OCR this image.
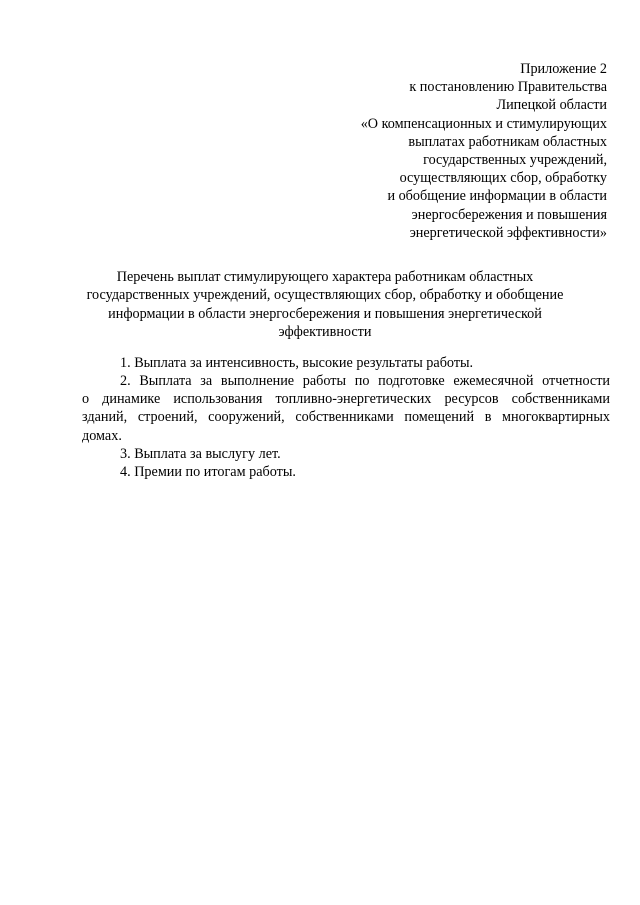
Приложение 2
к постановлению Правительства
Липецкой области
«О компенсационных и стимулирующих
выплатах работникам областных
государственных учреждений,
осуществляющих сбор, обработку
и обобщение информации в области
энергосбережения и повышения
энергетической эффективности»
Перечень выплат стимулирующего характера работникам областных
государственных учреждений, осуществляющих сбор, обработку и обобщение
информации в области энергосбережения и повышения энергетической
эффективности
1. Выплата за интенсивность, высокие результаты работы.
2. Выплата за выполнение работы по подготовке ежемесячной отчетности
о динамике использования топливно-энергетических ресурсов собственниками
зданий, строений, сооружений, собственниками помещений в многоквартирных
домах.
3. Выплата за выслугу лет.
4. Премии по итогам работы.
